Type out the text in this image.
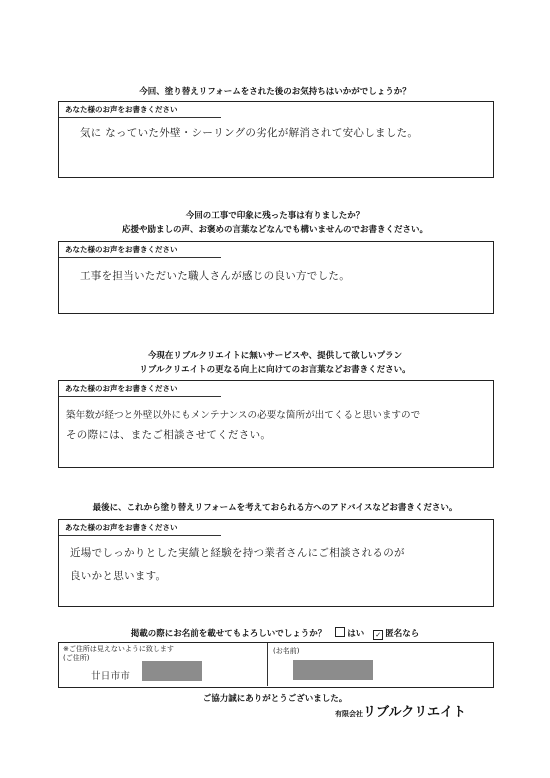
今回、塗り替えリフォームをされた後のお気持ちはいかがでしょうか？
あなた様のお声をお書きください
気に なっていた外壁・シーリングの劣化が解消されて安心しました。
今回の工事で印象に残った事は有りましたか？
応援や励ましの声、お褒めの言葉などなんでも構いませんのでお書きください。
あなた様のお声をお書きください
工事を担当いただいた職人さんが感じの良い方でした。
今現在リブルクリエイトに無いサービスや、提供して欲しいプラン
リブルクリエイトの更なる向上に向けてのお言葉などお書きください。
あなた様のお声をお書きください
築年数が経つと外壁以外にもメンテナンスの必要な箇所が出てくると思いますので
その際には、またご相談させてください。
最後に、これから塗り替えリフォームを考えておられる方へのアドバイスなどお書きください。
あなた様のお声をお書きください
近場でしっかりとした実績と経験を持つ業者さんにご相談されるのが
良いかと思います。
掲載の際にお名前を載せてもよろしいでしょうか？ はい ✓ 匿名なら
※ご住所は見えないように致します
(ご住所)
廿日市市
(お名前)
ご協力誠にありがとうございました。
有限会社リブルクリエイト
